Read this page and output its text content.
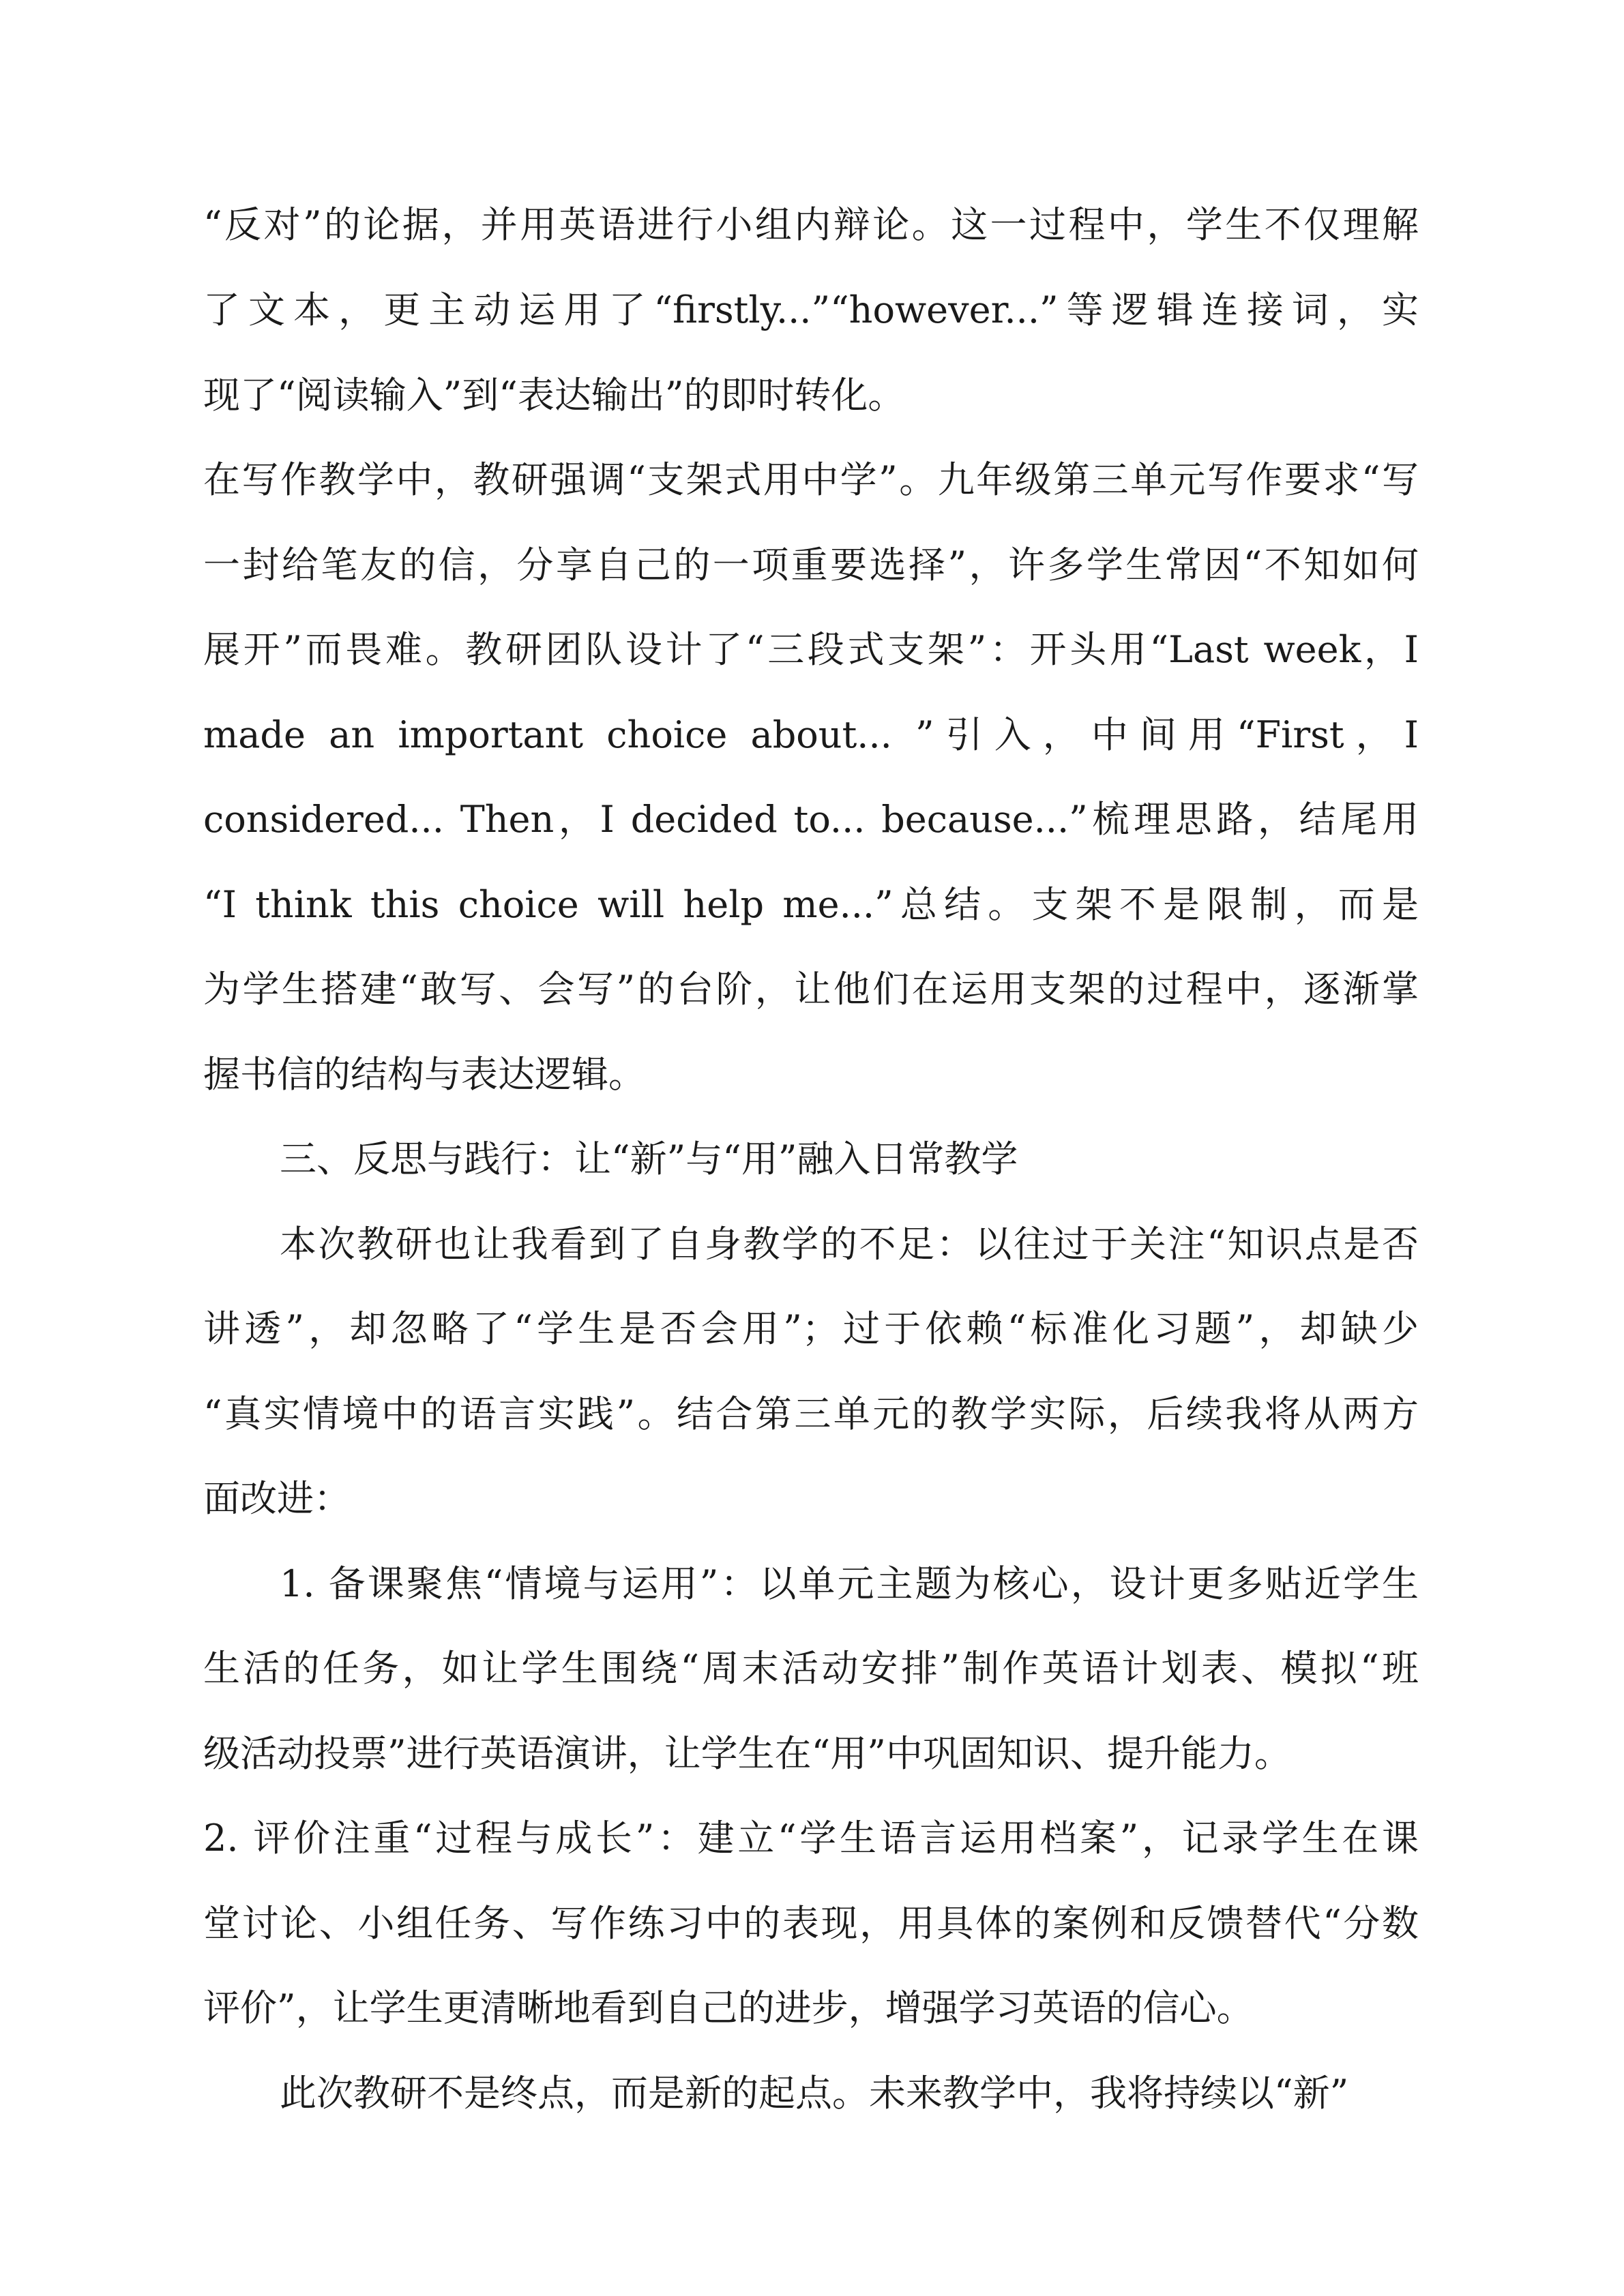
“反对”的论据，并用英语进行小组内辩论。这一过程中，学生不仅理解
了文本，更主动运用了“firstly...”“however...”等逻辑连接词，实
现了“阅读输入”到“表达输出”的即时转化。
在写作教学中，教研强调“支架式用中学”。九年级第三单元写作要求“写
一封给笔友的信，分享自己的一项重要选择”，许多学生常因“不知如何
展开”而畏难。教研团队设计了“三段式支架”：开头用“Last week，I
made an important choice about... ”引入，中间用“First，I
considered... Then，I decided to... because...”梳理思路，结尾用
“I think this choice will help me...”总结。支架不是限制，而是
为学生搭建“敢写、会写”的台阶，让他们在运用支架的过程中，逐渐掌
握书信的结构与表达逻辑。
三、反思与践行：让“新”与“用”融入日常教学
本次教研也让我看到了自身教学的不足：以往过于关注“知识点是否
讲透”，却忽略了“学生是否会用”；过于依赖“标准化习题”，却缺少
“真实情境中的语言实践”。结合第三单元的教学实际，后续我将从两方
面改进：
1. 备课聚焦“情境与运用”：以单元主题为核心，设计更多贴近学生
生活的任务，如让学生围绕“周末活动安排”制作英语计划表、模拟“班
级活动投票”进行英语演讲，让学生在“用”中巩固知识、提升能力。
2. 评价注重“过程与成长”：建立“学生语言运用档案”，记录学生在课
堂讨论、小组任务、写作练习中的表现，用具体的案例和反馈替代“分数
评价”，让学生更清晰地看到自己的进步，增强学习英语的信心。
此次教研不是终点，而是新的起点。未来教学中，我将持续以“新”
